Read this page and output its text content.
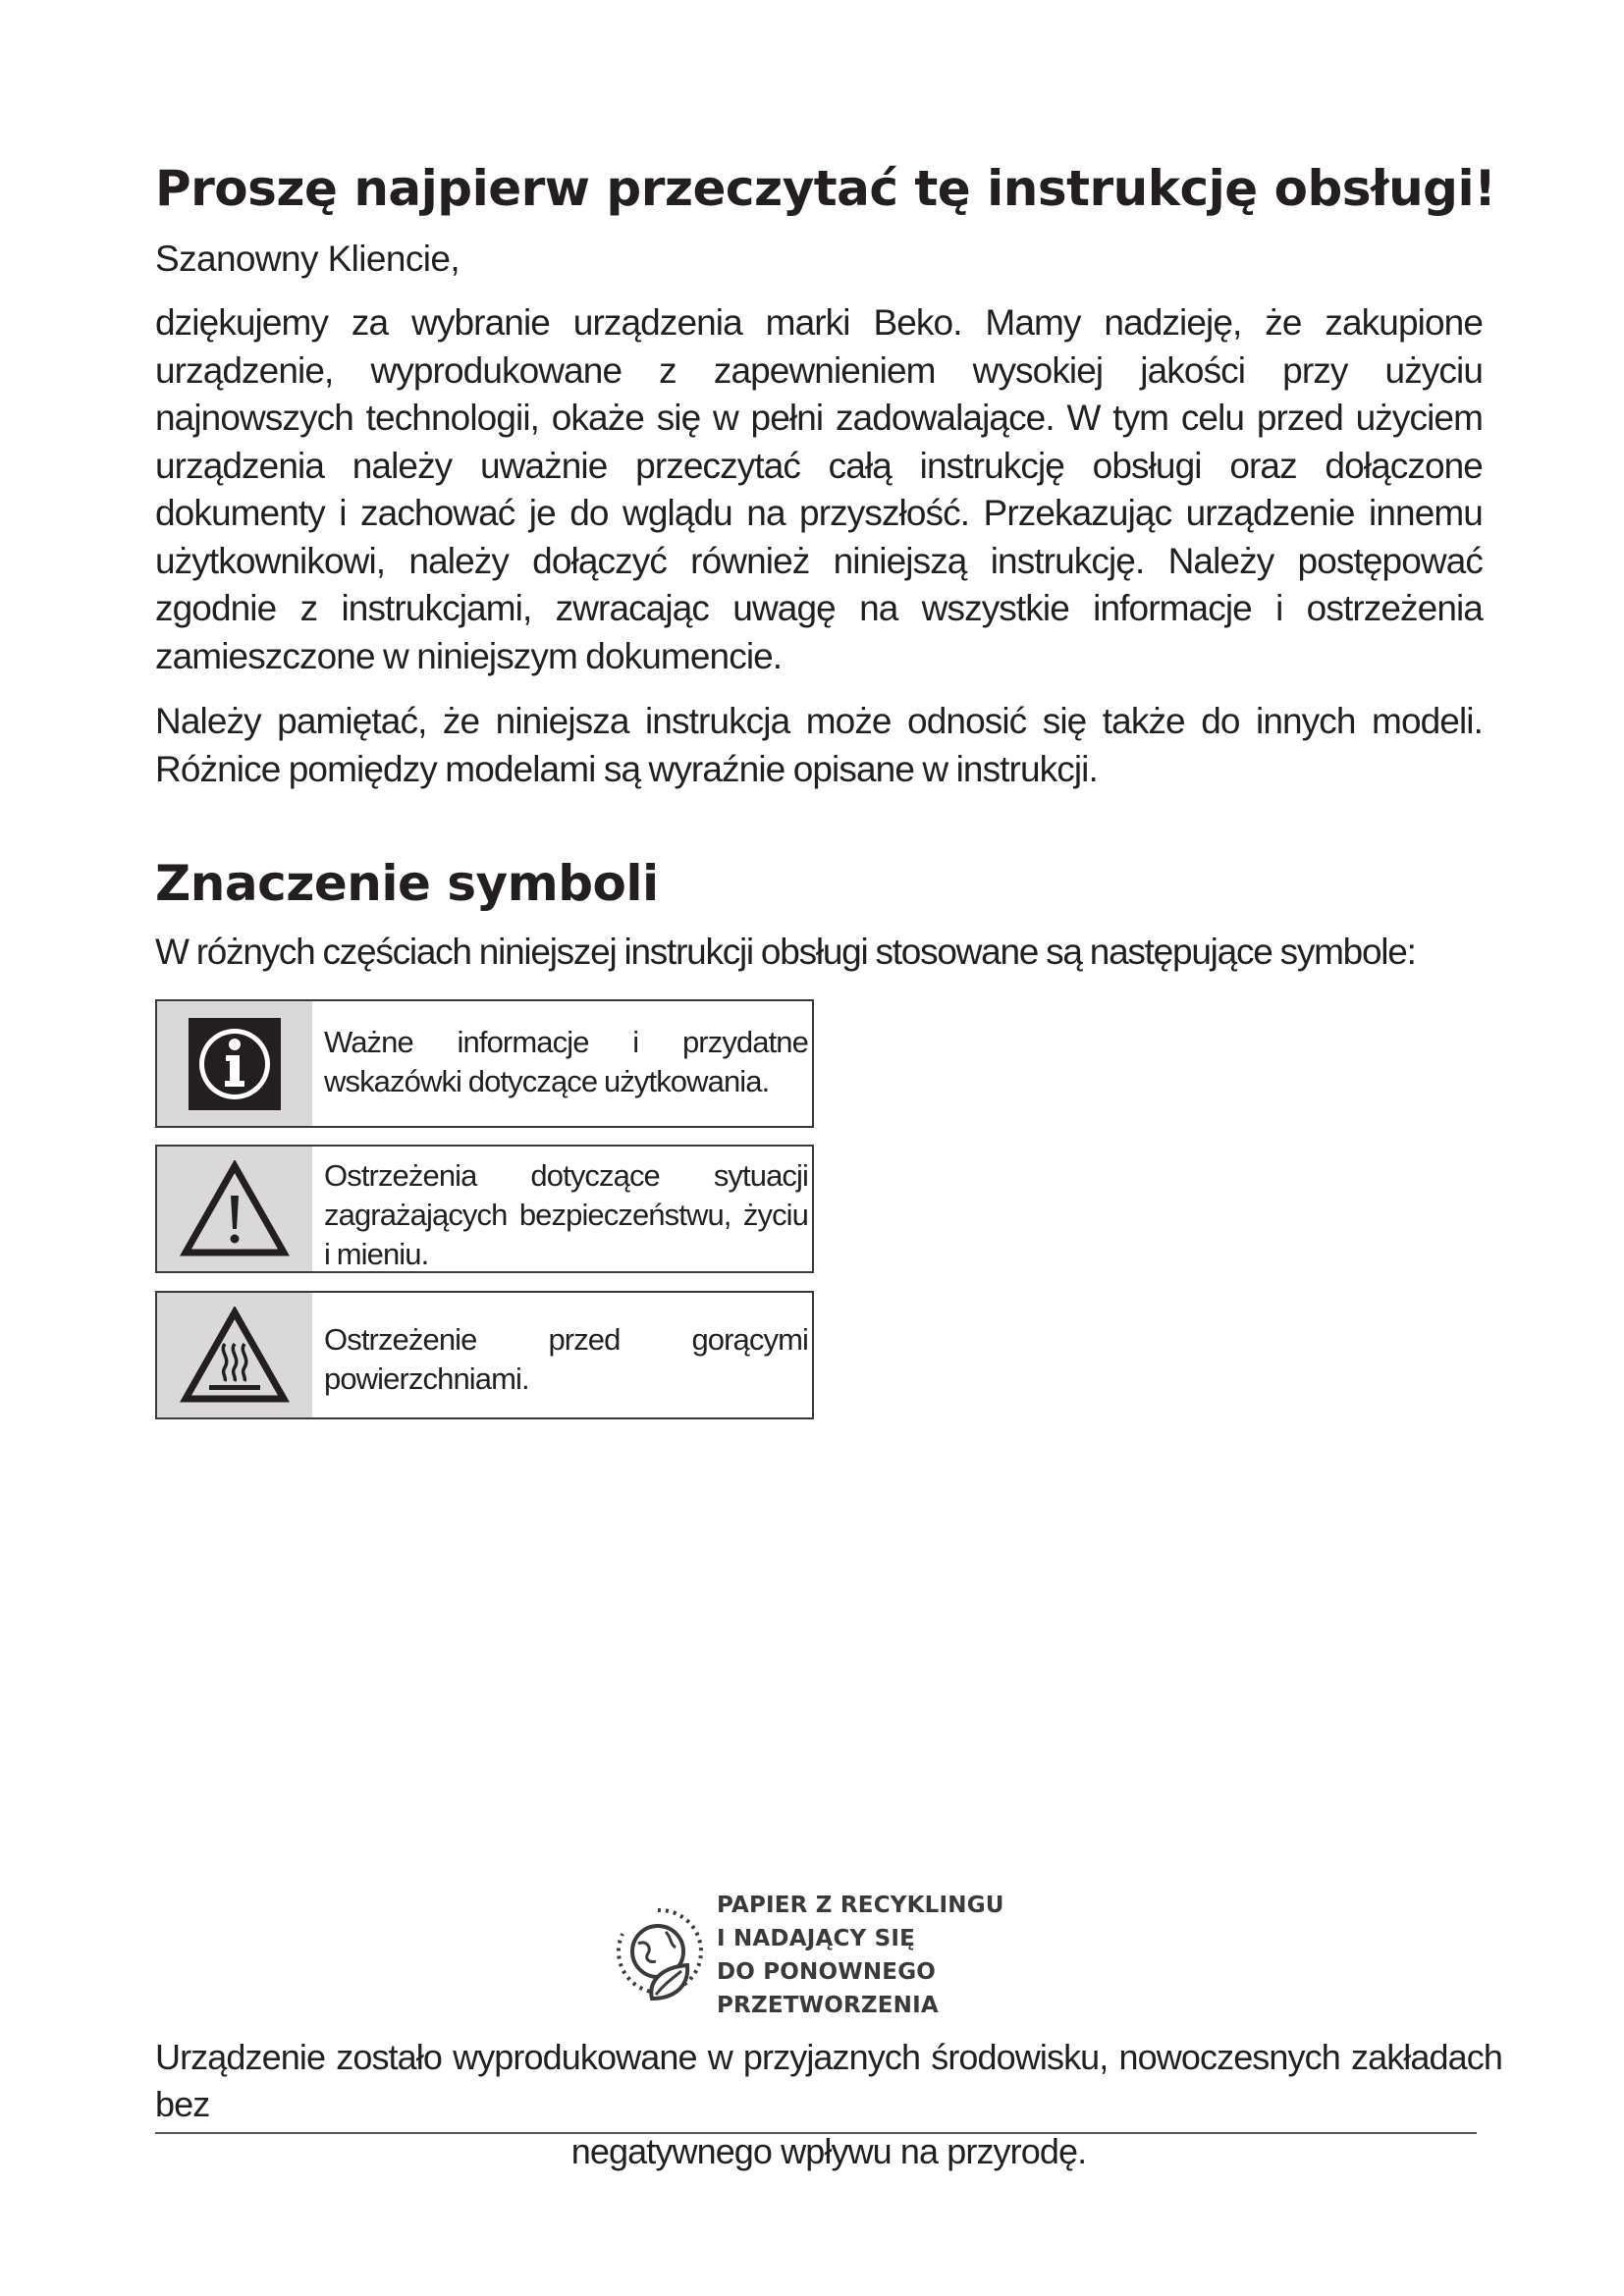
Proszę najpierw przeczytać tę instrukcję obsługi!

Szanowny Kliencie,

dziękujemy za wybranie urządzenia marki Beko. Mamy nadzieję, że zakupione urządzenie, wyprodukowane z zapewnieniem wysokiej jakości przy użyciu najnowszych technologii, okaże się w pełni zadowalające. W tym celu przed użyciem urządzenia należy uważnie przeczytać całą instrukcję obsługi oraz dołączone dokumenty i zachować je do wglądu na przyszłość. Przekazując urządzenie innemu użytkownikowi, należy dołączyć również niniejszą instrukcję. Należy postępować zgodnie z instrukcjami, zwracając uwagę na wszystkie informacje i ostrzeżenia zamieszczone w niniejszym dokumencie.

Należy pamiętać, że niniejsza instrukcja może odnosić się także do innych modeli. Różnice pomiędzy modelami są wyraźnie opisane w instrukcji.

Znaczenie symboli

W różnych częściach niniejszej instrukcji obsługi stosowane są następujące symbole:

Ważne informacje i przydatne wskazówki dotyczące użytkowania.
Ostrzeżenia dotyczące sytuacji zagrażających bezpieczeństwu, życiu i mieniu.
Ostrzeżenie przed gorącymi powierzchniami.
PAPIER Z RECYKLINGU
I NADAJĄCY SIĘ
DO PONOWNEGO
PRZETWORZENIA

Urządzenie zostało wyprodukowane w przyjaznych środowisku, nowoczesnych zakładach bez
negatywnego wpływu na przyrodę.
